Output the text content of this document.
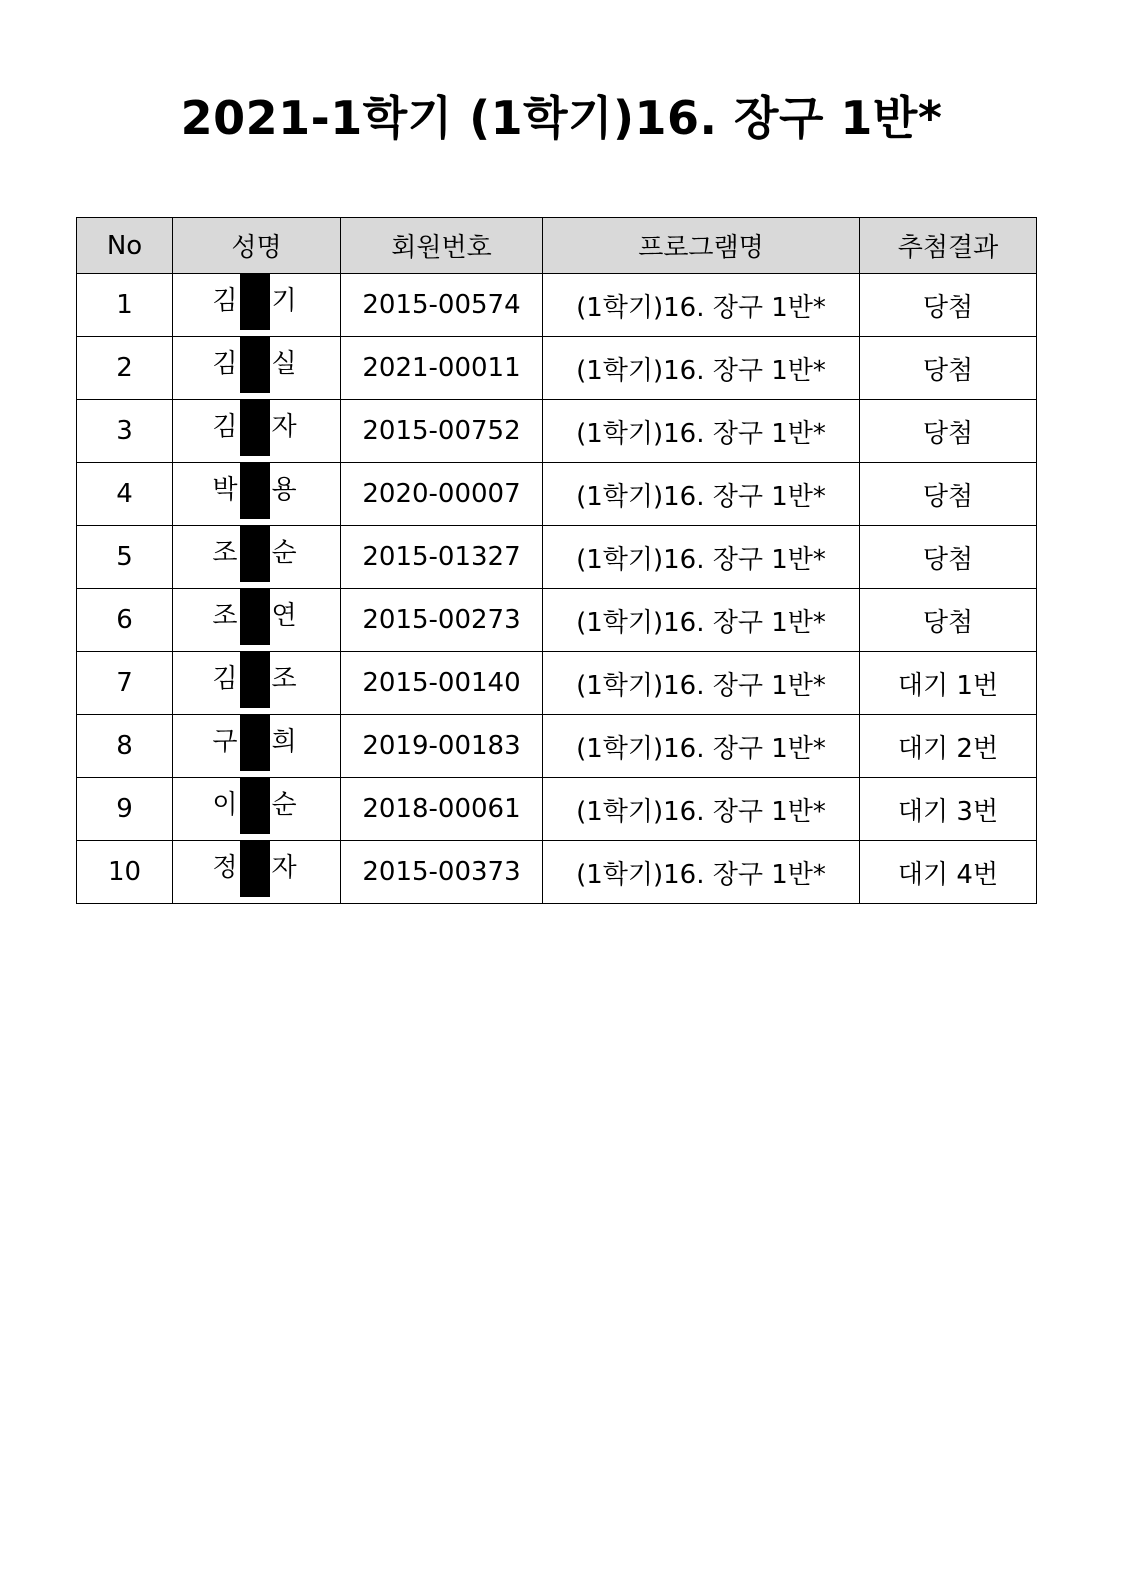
2021-1학기 (1학기)16. 장구 1반*
No	성명	회원번호	프로그램명	추첨결과
1	김 기	2015-00574	(1학기)16. 장구 1반*	당첨
2	김 실	2021-00011	(1학기)16. 장구 1반*	당첨
3	김 자	2015-00752	(1학기)16. 장구 1반*	당첨
4	박 용	2020-00007	(1학기)16. 장구 1반*	당첨
5	조 순	2015-01327	(1학기)16. 장구 1반*	당첨
6	조 연	2015-00273	(1학기)16. 장구 1반*	당첨
7	김 조	2015-00140	(1학기)16. 장구 1반*	대기 1번
8	구 희	2019-00183	(1학기)16. 장구 1반*	대기 2번
9	이 순	2018-00061	(1학기)16. 장구 1반*	대기 3번
10	정 자	2015-00373	(1학기)16. 장구 1반*	대기 4번
